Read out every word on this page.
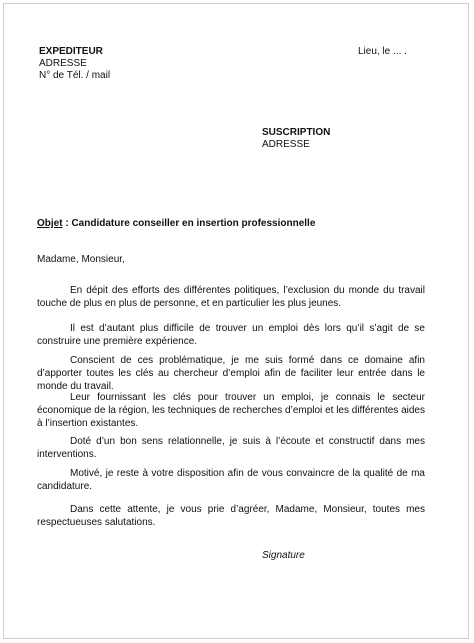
EXPEDITEUR
ADRESSE
N° de Tél. / mail
Lieu, le ... .
SUSCRIPTION
ADRESSE
Objet : Candidature conseiller en insertion professionnelle
Madame, Monsieur,

En dépit des efforts des différentes politiques, l’exclusion du monde du travail touche de plus en plus de personne, et en particulier les plus jeunes.

Il est d’autant plus difficile de trouver un emploi dès lors qu’il s’agit de se construire une première expérience.

Conscient de ces problématique, je me suis formé dans ce domaine afin d’apporter toutes les clés au chercheur d’emploi afin de faciliter leur entrée dans le monde du travail.

Leur fournissant les clés pour trouver un emploi, je connais le secteur économique de la région, les techniques de recherches d’emploi et les différentes aides à l’insertion existantes.

Doté d’un bon sens relationnelle, je suis à l’écoute et constructif dans mes interventions.

Motivé, je reste à votre disposition afin de vous convaincre de la qualité de ma candidature.

Dans cette attente, je vous prie d’agréer, Madame, Monsieur, toutes mes respectueuses salutations.

Signature
